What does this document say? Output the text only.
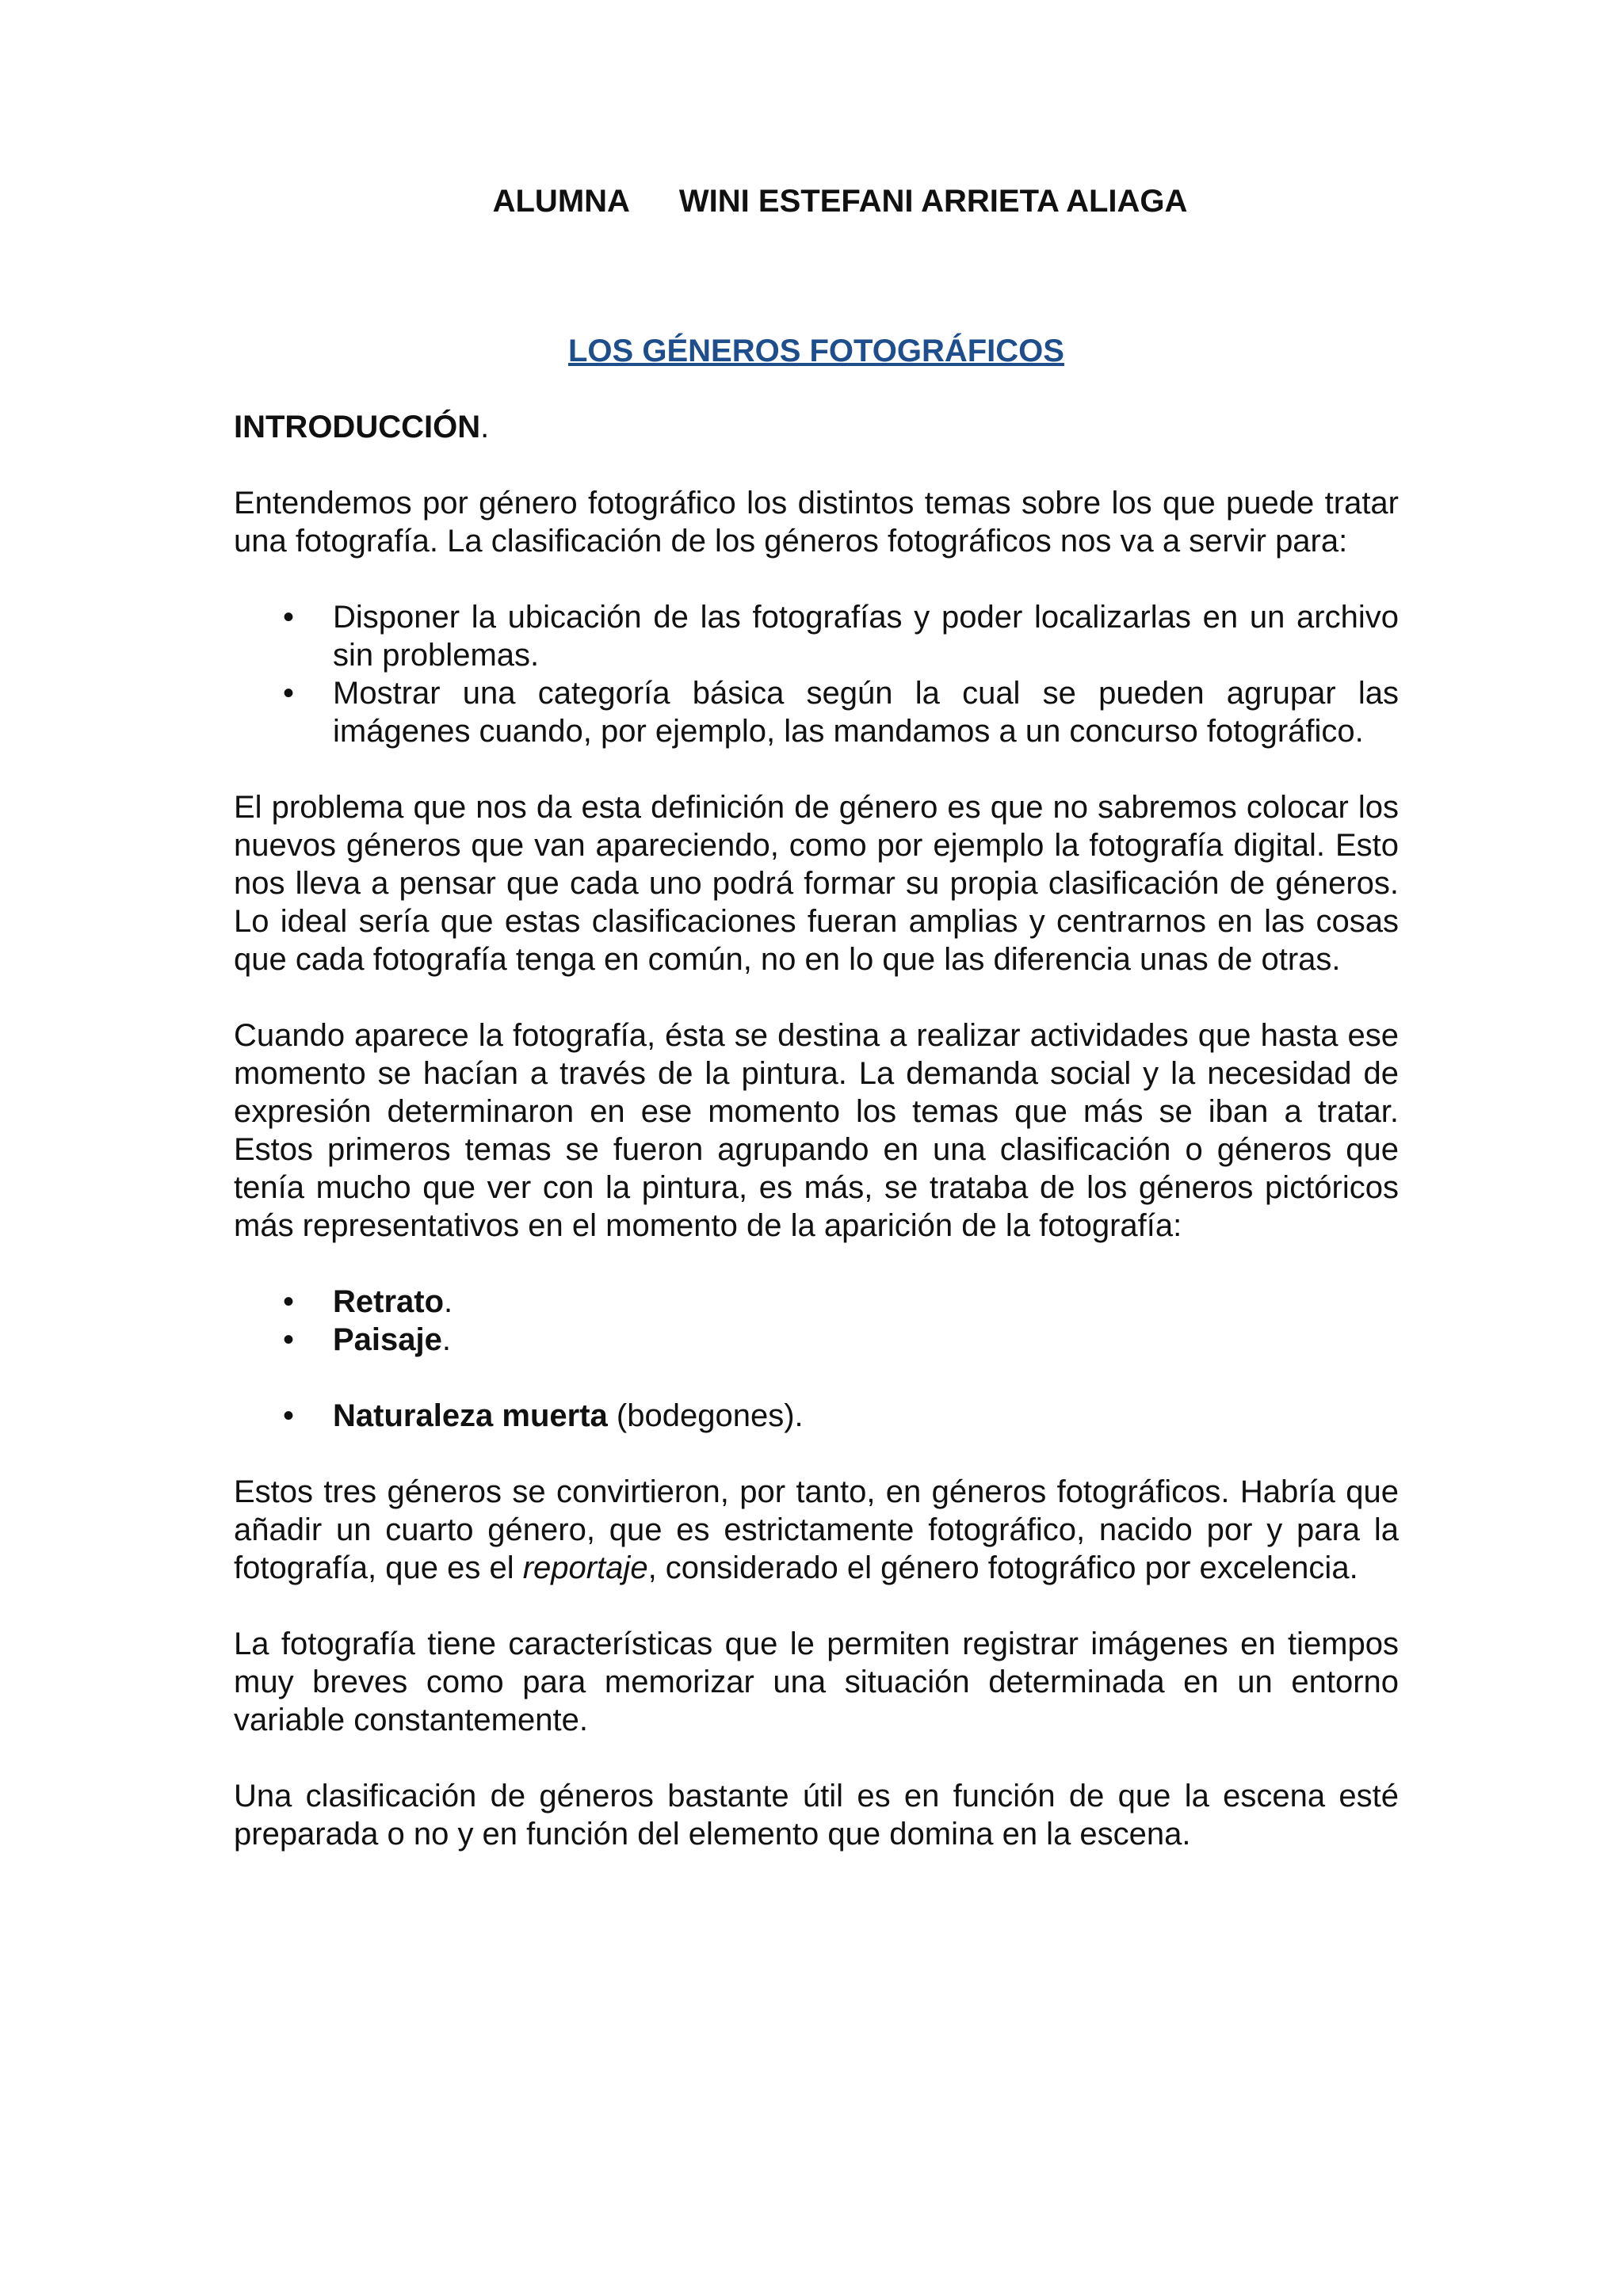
ALUMNA WINI ESTEFANI ARRIETA ALIAGA
LOS GÉNEROS FOTOGRÁFICOS
INTRODUCCIÓN.

Entendemos por género fotográfico los distintos temas sobre los que puede tratar una fotografía. La clasificación de los géneros fotográficos nos va a servir para:

• Disponer la ubicación de las fotografías y poder localizarlas en un archivo sin problemas.
• Mostrar una categoría básica según la cual se pueden agrupar las imágenes cuando, por ejemplo, las mandamos a un concurso fotográfico.

El problema que nos da esta definición de género es que no sabremos colocar los nuevos géneros que van apareciendo, como por ejemplo la fotografía digital. Esto nos lleva a pensar que cada uno podrá formar su propia clasificación de géneros. Lo ideal sería que estas clasificaciones fueran amplias y centrarnos en las cosas que cada fotografía tenga en común, no en lo que las diferencia unas de otras.

Cuando aparece la fotografía, ésta se destina a realizar actividades que hasta ese momento se hacían a través de la pintura. La demanda social y la necesidad de expresión determinaron en ese momento los temas que más se iban a tratar. Estos primeros temas se fueron agrupando en una clasificación o géneros que tenía mucho que ver con la pintura, es más, se trataba de los géneros pictóricos más representativos en el momento de la aparición de la fotografía:

• Retrato.
• Paisaje.
• Naturaleza muerta (bodegones).

Estos tres géneros se convirtieron, por tanto, en géneros fotográficos. Habría que añadir un cuarto género, que es estrictamente fotográfico, nacido por y para la fotografía, que es el reportaje, considerado el género fotográfico por excelencia.

La fotografía tiene características que le permiten registrar imágenes en tiempos muy breves como para memorizar una situación determinada en un entorno variable constantemente.

Una clasificación de géneros bastante útil es en función de que la escena esté preparada o no y en función del elemento que domina en la escena.
